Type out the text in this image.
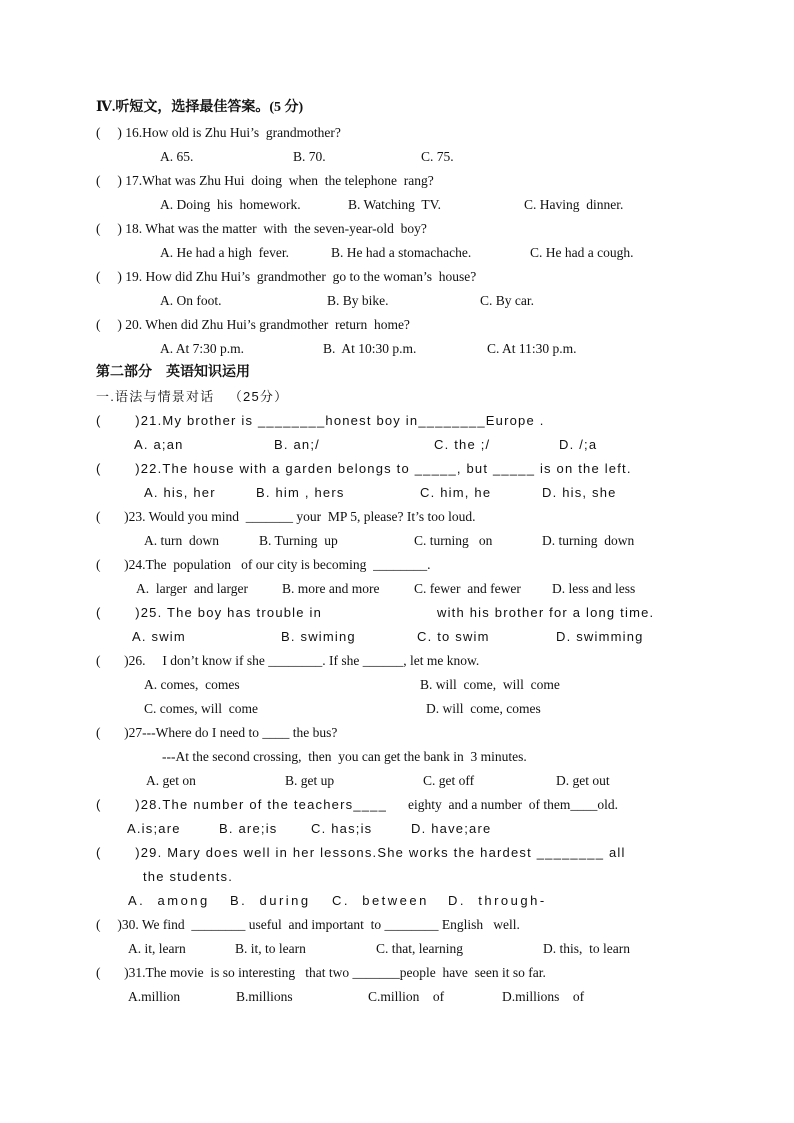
Ⅳ.听短文，选择最佳答案。(5 分)
(     ) 16.How old is Zhu Hui’s  grandmother?
A. 65.	B. 70.	C. 75.
(     ) 17.What was Zhu Hui  doing  when  the telephone  rang?
A. Doing  his  homework.	B. Watching  TV.	C. Having  dinner.
(     ) 18. What was the matter  with  the seven-year-old  boy?
A. He had a high  fever.	B. He had a stomachache.	C. He had a cough.
(     ) 19. How did Zhu Hui’s  grandmother  go to the woman’s  house?
A. On foot.	B. By bike.	C. By car.
(     ) 20. When did Zhu Hui’s grandmother  return  home?
A. At 7:30 p.m.	B.  At 10:30 p.m.	C. At 11:30 p.m.
第二部分    英语知识运用
一.语法与情景对话   （25分）
(       )21.My brother is ________honest boy in________Europe .
A. a;an	B. an;/	C. the ;/	D. /;a
(       )22.The house with a garden belongs to _____, but _____ is on the left.
A. his, her	B. him , hers	C. him, he	D. his, she
(       )23. Would you mind  _______ your  MP 5, please? It’s too loud.
A. turn  down	B. Turning  up	C. turning   on	D. turning  down
(       )24.The  population   of our city is becoming  ________.
A.  larger  and larger	B. more and more	C. fewer  and fewer D. less and less
(       )25. The boy has trouble in	with his brother for a long time.
A. swim	B. swiming	C. to swim	D. swimming
(       )26.     I don’t know if she ________. If she ______, let me know.
A. comes,  comes	B. will  come,  will  come
C. comes, will  come	D. will  come, comes
(       )27---Where do I need to ____ the bus?
---At the second crossing,  then  you can get the bank in  3 minutes.
A. get on	B. get up	C. get off	D. get out
(       )28.The number of the teachers____ eighty  and a number  of them____old.
A.is;are	B. are;is	C. has;is	D. have;are
(       )29. Mary does well in her lessons.She works the hardest ________ all
the students.
A.  among B.  during C.  between D.  through-
(     )30. We find  ________ useful  and important  to ________ English   well.
A. it, learn	B. it, to learn	C. that, learning	D. this,  to learn
(       )31.The movie  is so interesting   that two _______people  have  seen it so far.
A.million	B.millions	C.million    of	D.millions    of
